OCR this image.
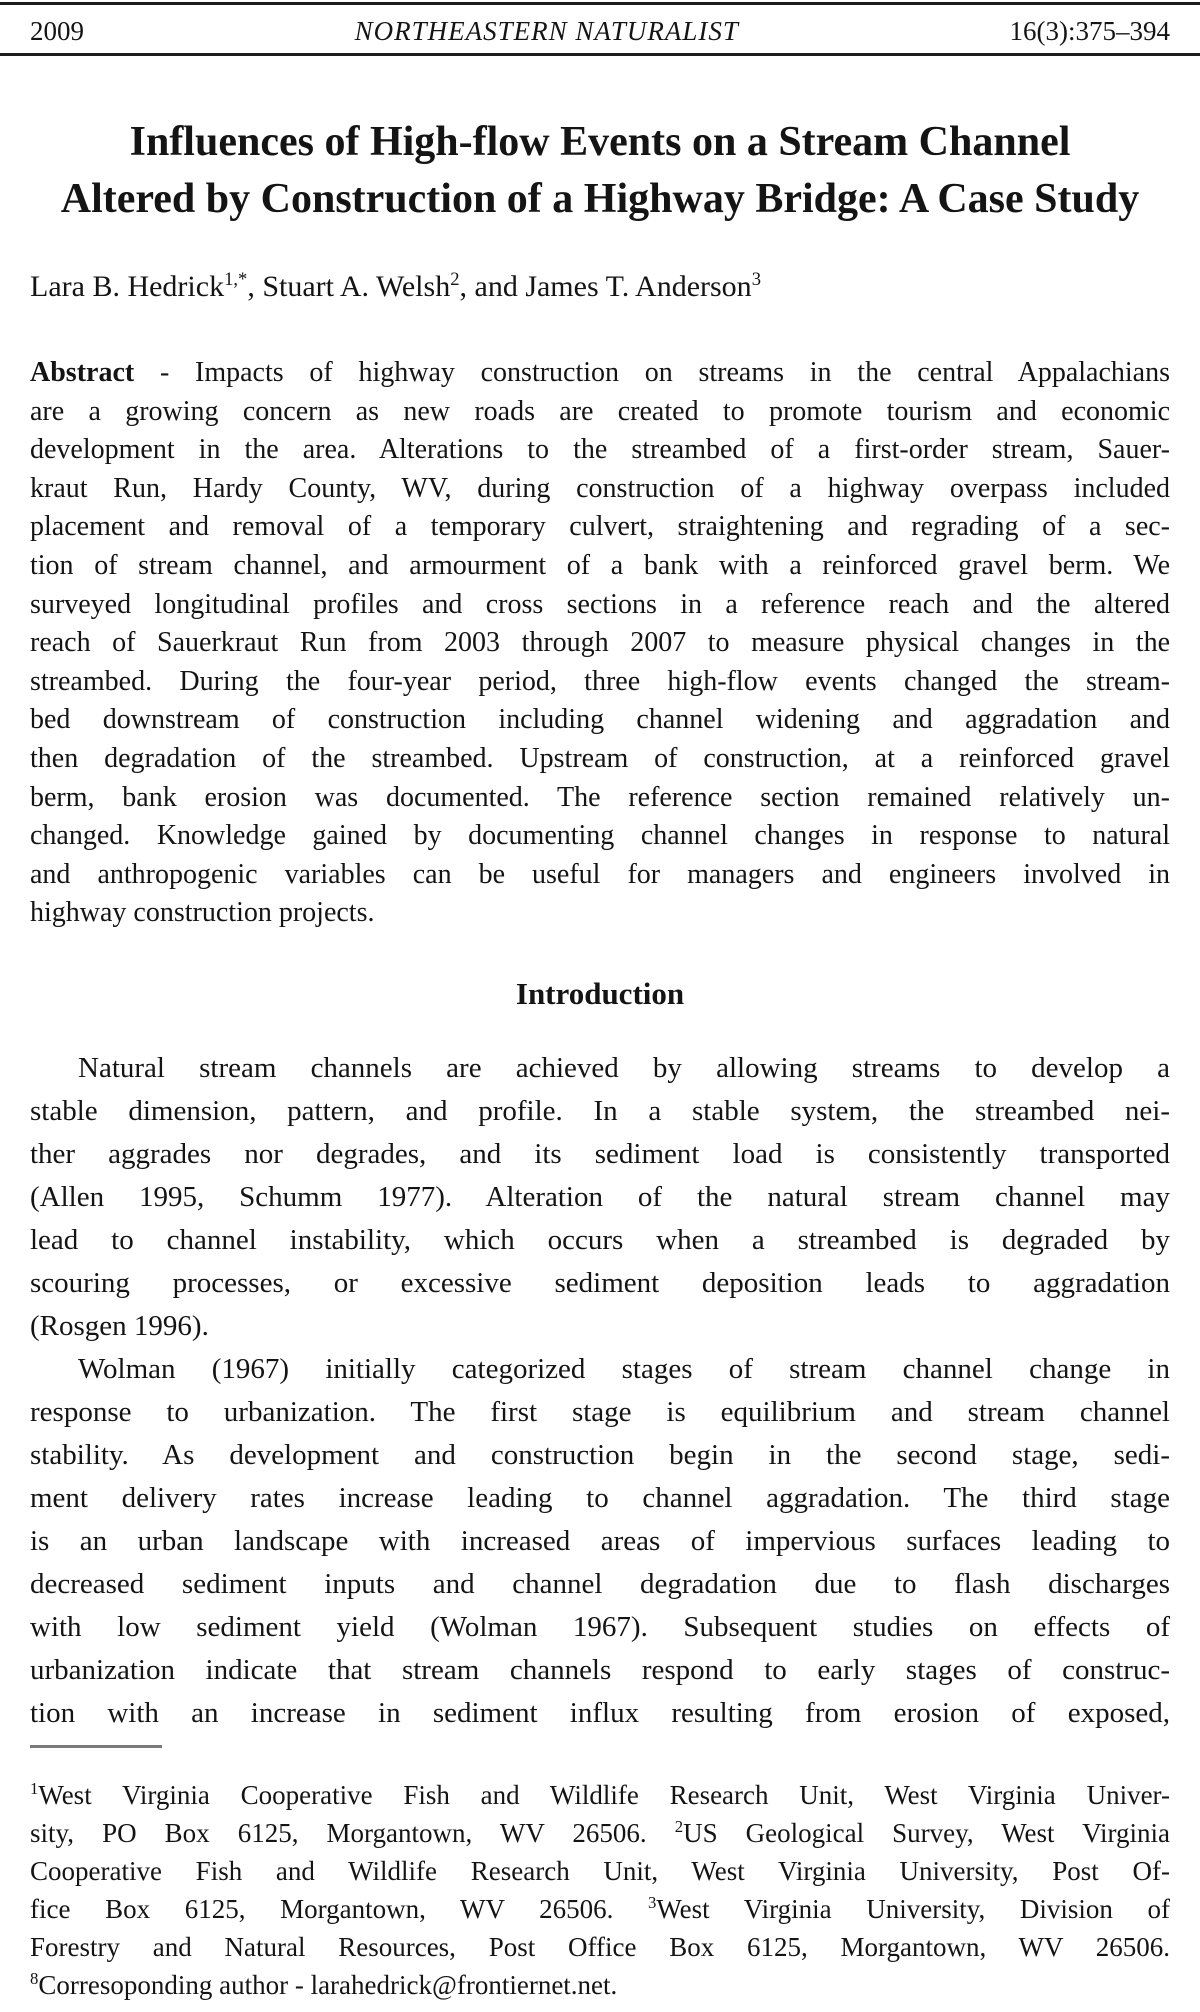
2009	NORTHEASTERN NATURALIST	16(3):375–394
Influences of High-flow Events on a Stream Channel
Altered by Construction of a Highway Bridge: A Case Study
Lara B. Hedrick$^{1,*}$, Stuart A. Welsh$^2$, and James T. Anderson$^3$
Abstract - Impacts of highway construction on streams in the central Appalachians
are a growing concern as new roads are created to promote tourism and economic
development in the area. Alterations to the streambed of a first-order stream, Sauer-
kraut Run, Hardy County, WV, during construction of a highway overpass included
placement and removal of a temporary culvert, straightening and regrading of a sec-
tion of stream channel, and armourment of a bank with a reinforced gravel berm. We
surveyed longitudinal profiles and cross sections in a reference reach and the altered
reach of Sauerkraut Run from 2003 through 2007 to measure physical changes in the
streambed. During the four-year period, three high-flow events changed the stream-
bed downstream of construction including channel widening and aggradation and
then degradation of the streambed. Upstream of construction, at a reinforced gravel
berm, bank erosion was documented. The reference section remained relatively un-
changed. Knowledge gained by documenting channel changes in response to natural
and anthropogenic variables can be useful for managers and engineers involved in
highway construction projects.
Introduction
Natural stream channels are achieved by allowing streams to develop a
stable dimension, pattern, and profile. In a stable system, the streambed nei-
ther aggrades nor degrades, and its sediment load is consistently transported
(Allen 1995, Schumm 1977). Alteration of the natural stream channel may
lead to channel instability, which occurs when a streambed is degraded by
scouring processes, or excessive sediment deposition leads to aggradation
(Rosgen 1996).
Wolman (1967) initially categorized stages of stream channel change in
response to urbanization. The first stage is equilibrium and stream channel
stability. As development and construction begin in the second stage, sedi-
ment delivery rates increase leading to channel aggradation. The third stage
is an urban landscape with increased areas of impervious surfaces leading to
decreased sediment inputs and channel degradation due to flash discharges
with low sediment yield (Wolman 1967). Subsequent studies on effects of
urbanization indicate that stream channels respond to early stages of construc-
tion with an increase in sediment influx resulting from erosion of exposed,
$^1$West Virginia Cooperative Fish and Wildlife Research Unit, West Virginia Univer-
sity, PO Box 6125, Morgantown, WV 26506. $^2$US Geological Survey, West Virginia
Cooperative Fish and Wildlife Research Unit, West Virginia University, Post Of-
fice Box 6125, Morgantown, WV 26506. $^3$West Virginia University, Division of
Forestry and Natural Resources, Post Office Box 6125, Morgantown, WV 26506.
$^8$Corresoponding author - larahedrick@frontiernet.net.
